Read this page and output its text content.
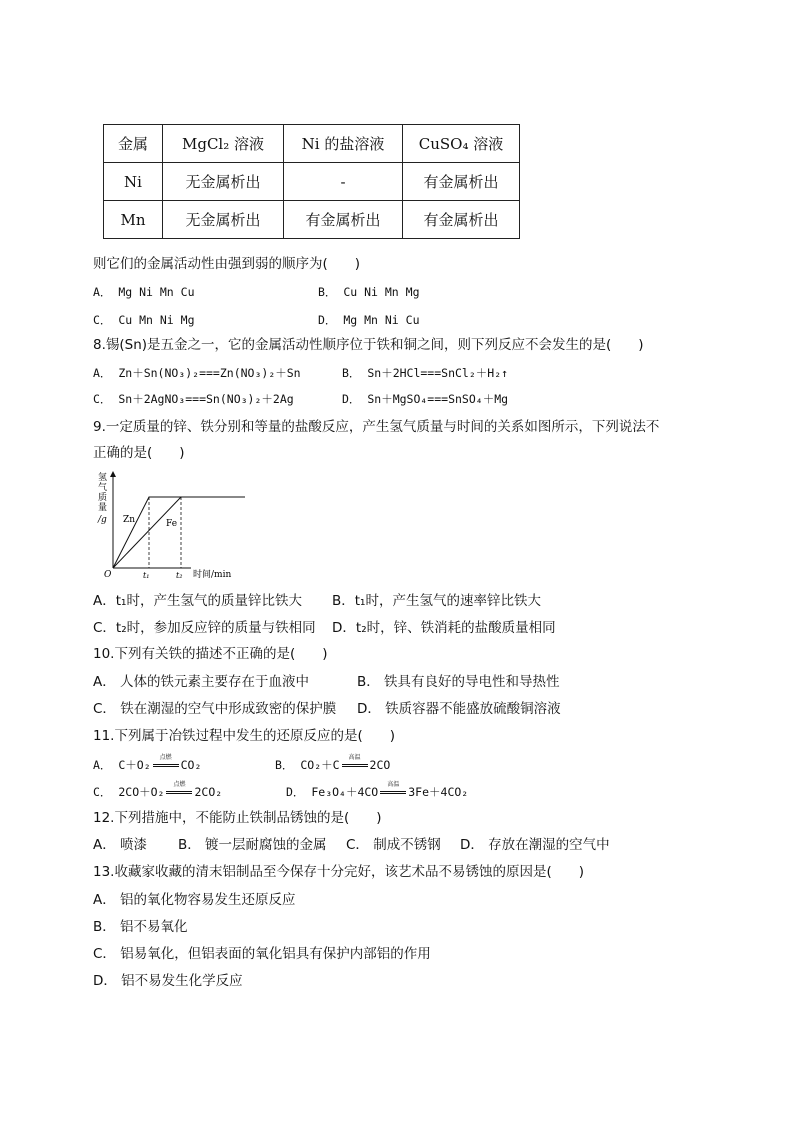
金属	MgCl₂ 溶液	Ni 的盐溶液	CuSO₄ 溶液
Ni	无金属析出	-	有金属析出
Mn	无金属析出	有金属析出	有金属析出
则它们的金属活动性由强到弱的顺序为(　　)
A． Mg Ni Mn Cu	B． Cu Ni Mn Mg
C． Cu Mn Ni Mg	D． Mg Mn Ni Cu
8.锡(Sn)是五金之一，它的金属活动性顺序位于铁和铜之间，则下列反应不会发生的是(　　)
A． Zn＋Sn(NO₃)₂===Zn(NO₃)₂＋Sn	B． Sn＋2HCl===SnCl₂＋H₂↑
C． Sn＋2AgNO₃===Sn(NO₃)₂＋2Ag	D． Sn＋MgSO₄===SnSO₄＋Mg
9.一定质量的锌、铁分别和等量的盐酸反应，产生氢气质量与时间的关系如图所示，下列说法不
正确的是(　　)
氢
气
质
量
/g Zn	Fe
O	t₁	t₂ 时间/min
A．t₁时，产生氢气的质量锌比铁大 B．t₁时，产生氢气的速率锌比铁大
C．t₂时，参加反应锌的质量与铁相同 D．t₂时，锌、铁消耗的盐酸质量相同
10.下列有关铁的描述不正确的是(　　)
A． 人体的铁元素主要存在于血液中	B． 铁具有良好的导电性和导热性
C． 铁在潮湿的空气中形成致密的保护膜 D． 铁质容器不能盛放硫酸铜溶液
11.下列属于冶铁过程中发生的还原反应的是(　　)
A． C＋O₂
点燃
CO₂	B． CO₂＋C
高温
2CO
C． 2CO＋O₂
点燃
2CO₂	D． Fe₃O₄＋4CO
高温
3Fe＋4CO₂
12.下列措施中，不能防止铁制品锈蚀的是(　　)
A． 喷漆 B． 镀一层耐腐蚀的金属 C． 制成不锈钢 D． 存放在潮湿的空气中
13.收藏家收藏的清末铝制品至今保存十分完好，该艺术品不易锈蚀的原因是(　　)
A． 铝的氧化物容易发生还原反应
B． 铝不易氧化
C． 铝易氧化，但铝表面的氧化铝具有保护内部铝的作用
D． 铝不易发生化学反应
